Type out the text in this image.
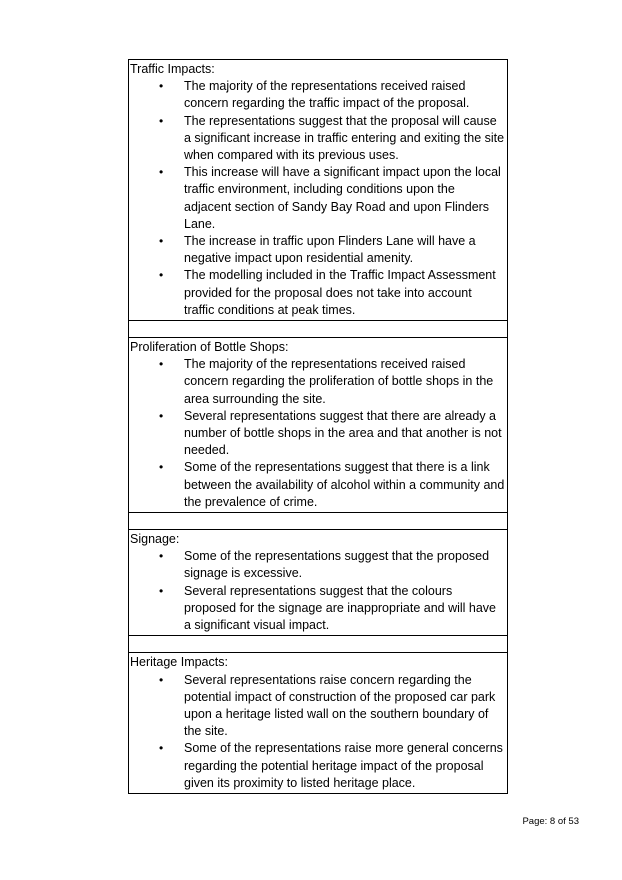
Traffic Impacts:
• The majority of the representations received raised concern regarding the traffic impact of the proposal.
• The representations suggest that the proposal will cause a significant increase in traffic entering and exiting the site when compared with its previous uses.
• This increase will have a significant impact upon the local traffic environment, including conditions upon the adjacent section of Sandy Bay Road and upon Flinders Lane.
• The increase in traffic upon Flinders Lane will have a negative impact upon residential amenity.
• The modelling included in the Traffic Impact Assessment provided for the proposal does not take into account traffic conditions at peak times.
Proliferation of Bottle Shops:
• The majority of the representations received raised concern regarding the proliferation of bottle shops in the area surrounding the site.
• Several representations suggest that there are already a number of bottle shops in the area and that another is not needed.
• Some of the representations suggest that there is a link between the availability of alcohol within a community and the prevalence of crime.
Signage:
• Some of the representations suggest that the proposed signage is excessive.
• Several representations suggest that the colours proposed for the signage are inappropriate and will have a significant visual impact.
Heritage Impacts:
• Several representations raise concern regarding the potential impact of construction of the proposed car park upon a heritage listed wall on the southern boundary of the site.
• Some of the representations raise more general concerns regarding the potential heritage impact of the proposal given its proximity to listed heritage place.
Page: 8 of 53
